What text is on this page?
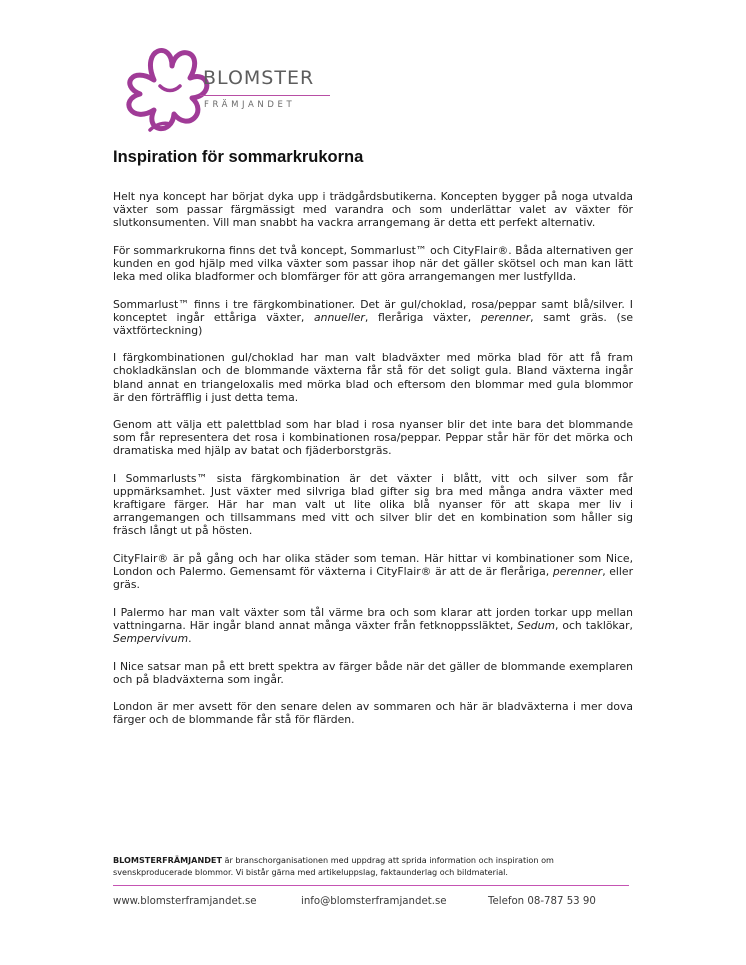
BLOMSTER
FRÄMJANDET
Inspiration för sommarkrukorna

Helt nya koncept har börjat dyka upp i trädgårdsbutikerna. Koncepten bygger på noga utvalda växter som passar färgmässigt med varandra och som underlättar valet av växter för slutkonsumenten. Vill man snabbt ha vackra arrangemang är detta ett perfekt alternativ.

För sommarkrukorna finns det två koncept, Sommarlust™ och CityFlair®. Båda alternativen ger kunden en god hjälp med vilka växter som passar ihop när det gäller skötsel och man kan lätt leka med olika bladformer och blomfärger för att göra arrangemangen mer lustfyllda.

Sommarlust™ finns i tre färgkombinationer. Det är gul/choklad, rosa/peppar samt blå/silver. I konceptet ingår ettåriga växter, annueller, fleråriga växter, perenner, samt gräs. (se växtförteckning)

I färgkombinationen gul/choklad har man valt bladväxter med mörka blad för att få fram chokladkänslan och de blommande växterna får stå för det soligt gula. Bland växterna ingår bland annat en triangeloxalis med mörka blad och eftersom den blommar med gula blommor är den förträfflig i just detta tema.

Genom att välja ett palettblad som har blad i rosa nyanser blir det inte bara det blommande som får representera det rosa i kombinationen rosa/peppar. Peppar står här för det mörka och dramatiska med hjälp av batat och fjäderborstgräs.

I Sommarlusts™ sista färgkombination är det växter i blått, vitt och silver som får uppmärksamhet. Just växter med silvriga blad gifter sig bra med många andra växter med kraftigare färger. Här har man valt ut lite olika blå nyanser för att skapa mer liv i arrangemangen och tillsammans med vitt och silver blir det en kombination som håller sig fräsch långt ut på hösten.

CityFlair® är på gång och har olika städer som teman. Här hittar vi kombinationer som Nice, London och Palermo. Gemensamt för växterna i CityFlair® är att de är fleråriga, perenner, eller gräs.

I Palermo har man valt växter som tål värme bra och som klarar att jorden torkar upp mellan vattningarna. Här ingår bland annat många växter från fetknoppssläktet, Sedum, och taklökar, Sempervivum.

I Nice satsar man på ett brett spektra av färger både när det gäller de blommande exemplaren och på bladväxterna som ingår.

London är mer avsett för den senare delen av sommaren och här är bladväxterna i mer dova färger och de blommande får stå för flärden.

BLOMSTERFRÄMJANDET är branschorganisationen med uppdrag att sprida information och inspiration om svenskproducerade blommor. Vi bistår gärna med artikeluppslag, faktaunderlag och bildmaterial.

www.blomsterframjandet.se	info@blomsterframjandet.se	Telefon 08-787 53 90
